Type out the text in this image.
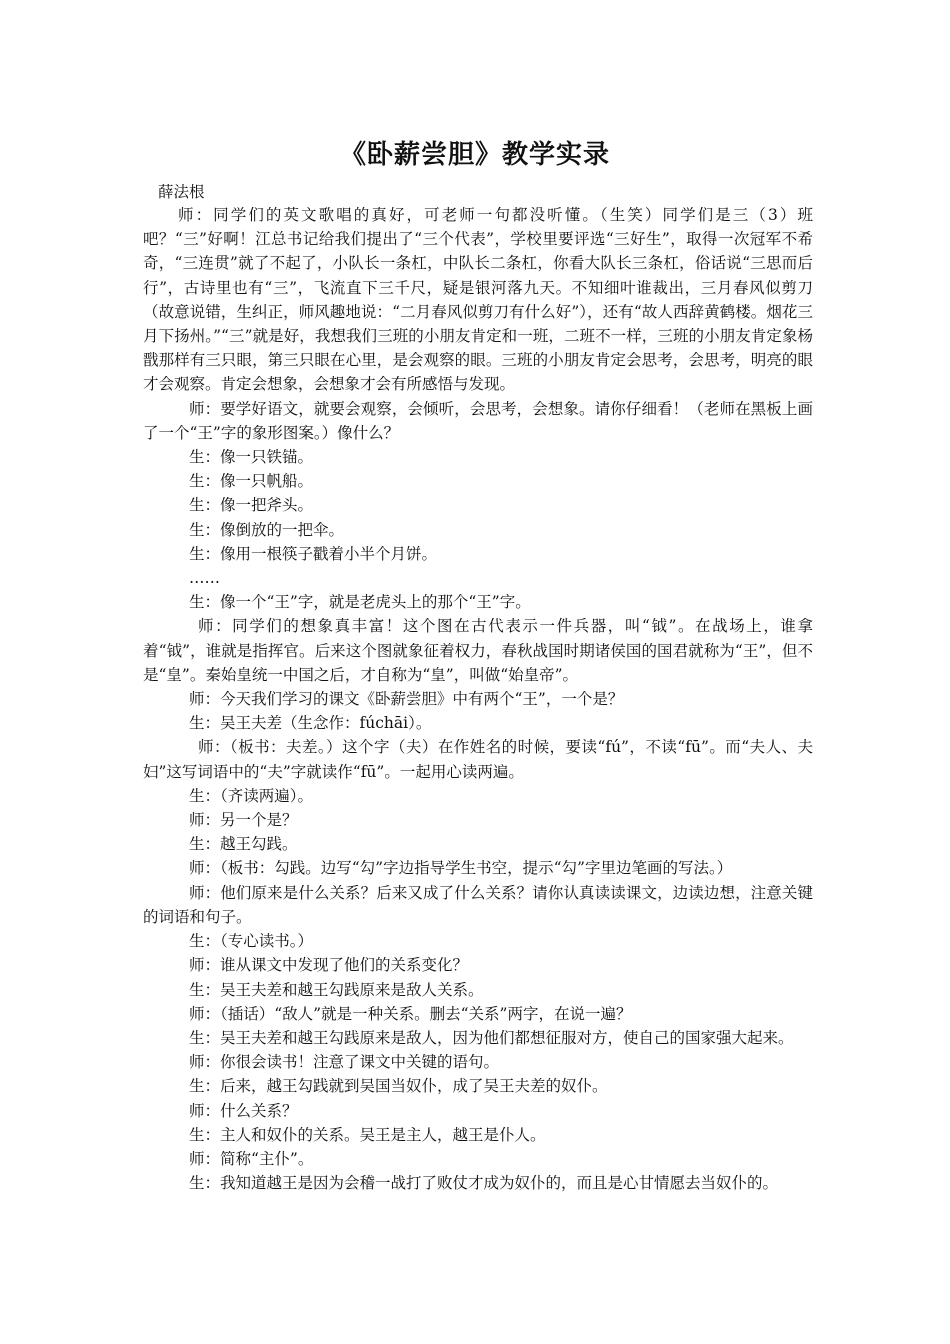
《卧薪尝胆》教学实录
薛法根

师：同学们的英文歌唱的真好，可老师一句都没听懂。（生笑）同学们是三（3）班吧？“三”好啊！江总书记给我们提出了“三个代表”，学校里要评选“三好生”，取得一次冠军不希奇，“三连贯”就了不起了，小队长一条杠，中队长二条杠，你看大队长三条杠，俗话说“三思而后行”，古诗里也有“三”，飞流直下三千尺，疑是银河落九天。不知细叶谁裁出，三月春风似剪刀（故意说错，生纠正，师风趣地说：“二月春风似剪刀有什么好”），还有“故人西辞黄鹤楼。烟花三月下扬州。”“三”就是好，我想我们三班的小朋友肯定和一班，二班不一样，三班的小朋友肯定象杨戬那样有三只眼，第三只眼在心里，是会观察的眼。三班的小朋友肯定会思考，会思考，明亮的眼才会观察。肯定会想象，会想象才会有所感悟与发现。

师：要学好语文，就要会观察，会倾听，会思考，会想象。请你仔细看！（老师在黑板上画了一个“王”字的象形图案。）像什么？

生：像一只铁锚。

生：像一只帆船。

生：像一把斧头。

生：像倒放的一把伞。

生：像用一根筷子戳着小半个月饼。

……

生：像一个“王”字，就是老虎头上的那个“王”字。

师：同学们的想象真丰富！这个图在古代表示一件兵器，叫“钺”。在战场上，谁拿着“钺”，谁就是指挥官。后来这个图就象征着权力，春秋战国时期诸侯国的国君就称为“王”，但不是“皇”。秦始皇统一中国之后，才自称为“皇”，叫做“始皇帝”。

师：今天我们学习的课文《卧薪尝胆》中有两个“王”，一个是？

生：吴王夫差（生念作：fúchāi）。

师：（板书：夫差。）这个字（夫）在作姓名的时候，要读“fú”，不读“fū”。而“夫人、夫妇”这写词语中的“夫”字就读作“fū”。一起用心读两遍。

生：（齐读两遍）。

师：另一个是？

生：越王勾践。

师：（板书：勾践。边写“勾”字边指导学生书空，提示“勾”字里边笔画的写法。）

师：他们原来是什么关系？后来又成了什么关系？请你认真读读课文，边读边想，注意关键的词语和句子。

生：（专心读书。）

师：谁从课文中发现了他们的关系变化？

生：吴王夫差和越王勾践原来是敌人关系。

师：（插话）“敌人”就是一种关系。删去“关系”两字，在说一遍？

生：吴王夫差和越王勾践原来是敌人，因为他们都想征服对方，使自己的国家强大起来。

师：你很会读书！注意了课文中关键的语句。

生：后来，越王勾践就到吴国当奴仆，成了吴王夫差的奴仆。

师：什么关系？

生：主人和奴仆的关系。吴王是主人，越王是仆人。

师：简称“主仆”。

生：我知道越王是因为会稽一战打了败仗才成为奴仆的，而且是心甘情愿去当奴仆的。
